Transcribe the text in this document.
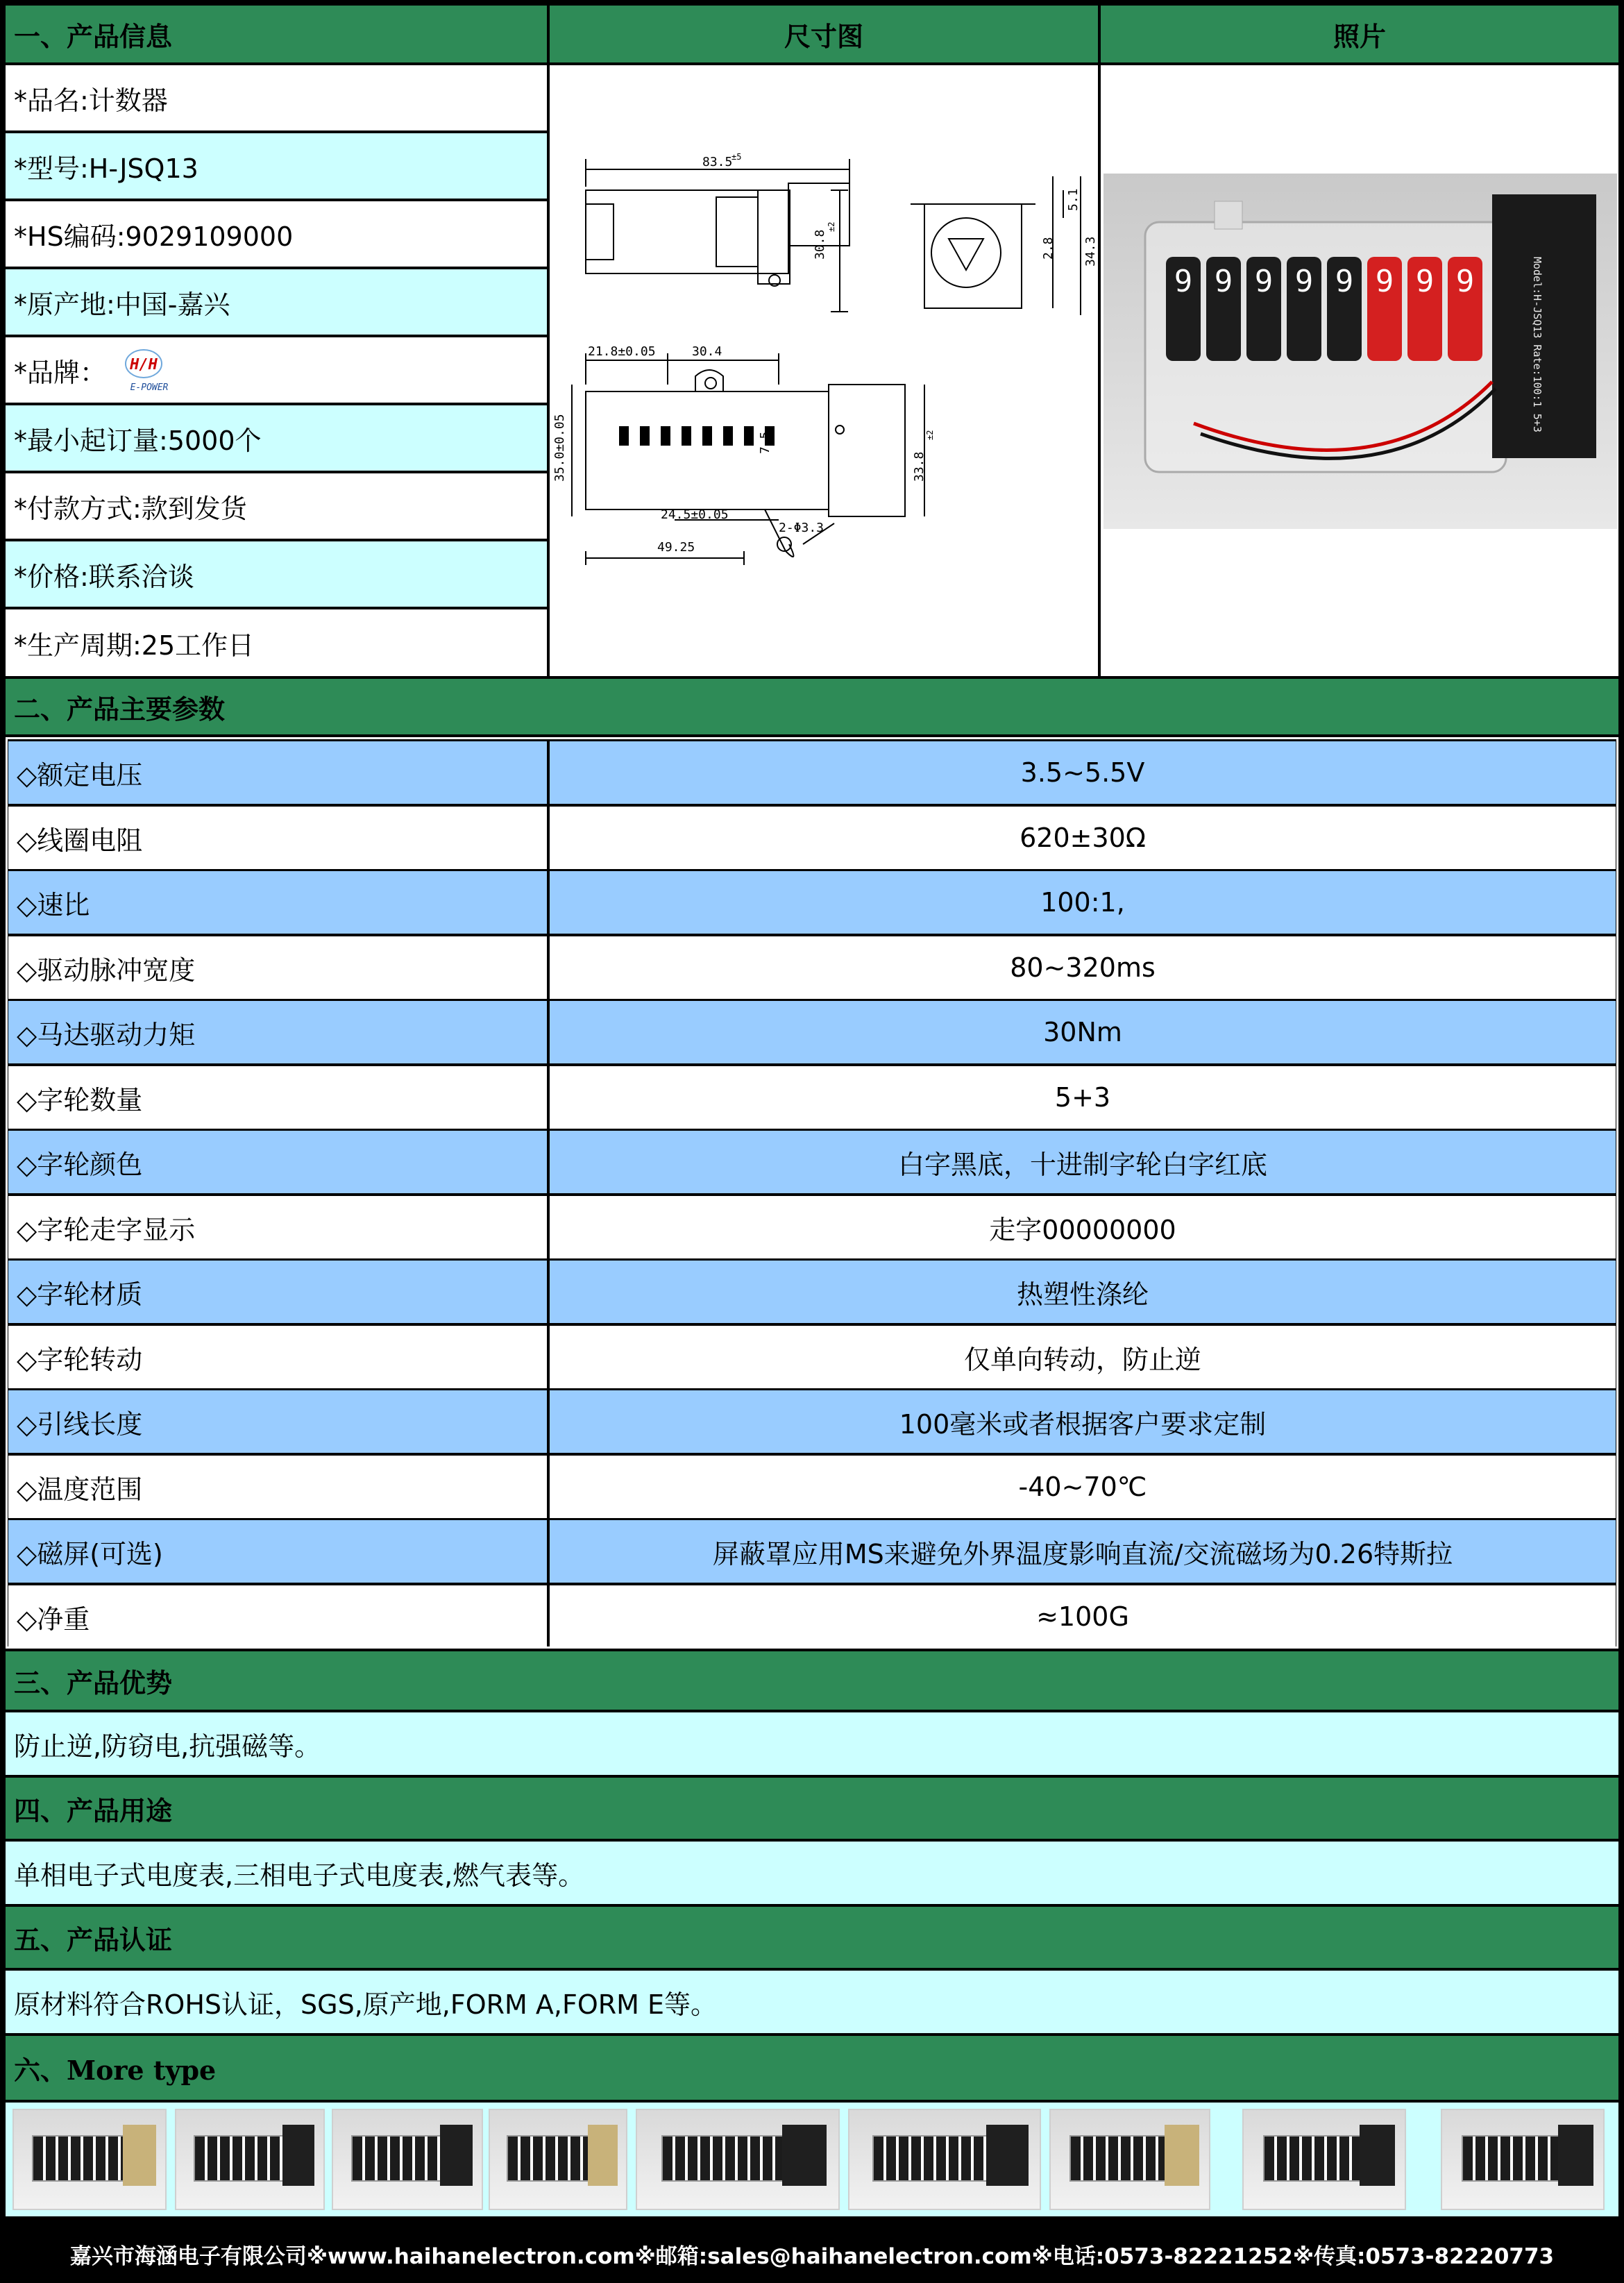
一、产品信息	尺寸图	照片
*品名:计数器
*型号:H-JSQ13
*HS编码:9029109000
*原产地:中国-嘉兴
*品牌： H/H
E-POWER
*最小起订量:5000个
*付款方式:款到发货
*价格:联系洽谈
*生产周期:25工作日
83.5
±5
30.8
±2
5.1
2.8 34.3
21.8±0.05	30.4
35.0±0.05	7.5
33.8
±2
24.5±0.05
2-Φ3.3
49.25
9 9 9 9 9 9 9 9	Model:H-JSQ13 Rate:100:1 5+3
二、产品主要参数
◇额定电压	3.5~5.5V
◇线圈电阻	620±30Ω
◇速比	100:1,
◇驱动脉冲宽度	80~320ms
◇马达驱动力矩	30Nm
◇字轮数量	5+3
◇字轮颜色	白字黑底，十进制字轮白字红底
◇字轮走字显示	走字00000000
◇字轮材质	热塑性涤纶
◇字轮转动	仅单向转动，防止逆
◇引线长度	100毫米或者根据客户要求定制
◇温度范围	-40~70℃
◇磁屏(可选)	屏蔽罩应用MS来避免外界温度影响直流/交流磁场为0.26特斯拉
◇净重	≈100G
三、产品优势
防止逆,防窃电,抗强磁等。
四、产品用途
单相电子式电度表,三相电子式电度表,燃气表等。
五、产品认证
原材料符合ROHS认证，SGS,原产地,FORM A,FORM E等。
六、More type
嘉兴市海涵电子有限公司※www.haihanelectron.com※邮箱:sales@haihanelectron.com※电话:0573-82221252※传真:0573-82220773
